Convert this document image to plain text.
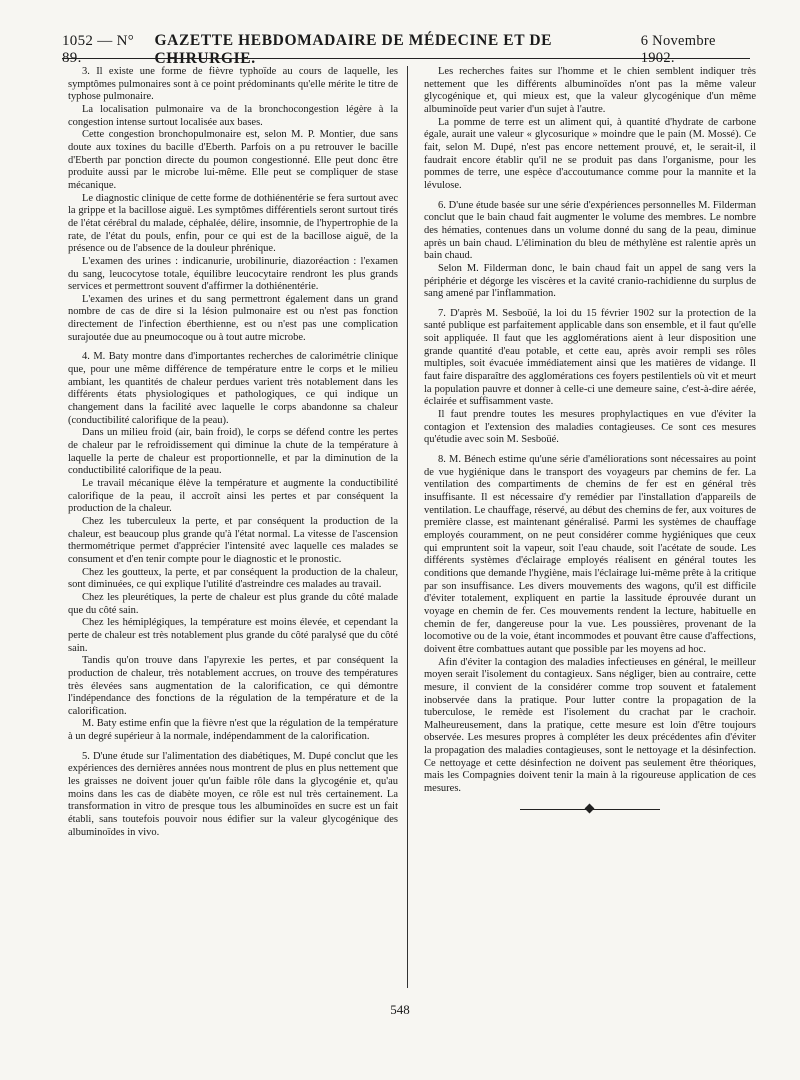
1052 — N° 89.
GAZETTE HEBDOMADAIRE DE MÉDECINE ET DE CHIRURGIE.
6 Novembre 1902.

3. Il existe une forme de fièvre typhoïde au cours de laquelle, les symptômes pulmonaires sont à ce point prédominants qu'elle mérite le titre de typhose pulmonaire.

La localisation pulmonaire va de la bronchocongestion légère à la congestion intense surtout localisée aux bases.

Cette congestion bronchopulmonaire est, selon M. P. Montier, due sans doute aux toxines du bacille d'Eberth. Parfois on a pu retrouver le bacille d'Eberth par ponction directe du poumon congestionné. Elle peut donc être produite aussi par le microbe lui-même. Elle peut se compliquer de stase mécanique.

Le diagnostic clinique de cette forme de dothiénentérie se fera surtout avec la grippe et la bacillose aiguë. Les symptômes différentiels seront surtout tirés de l'état cérébral du malade, céphalée, délire, insomnie, de l'hypertrophie de la rate, de l'état du pouls, enfin, pour ce qui est de la bacillose aiguë, de la présence ou de l'absence de la douleur phrénique.

L'examen des urines : indicanurie, urobilinurie, diazoréaction : l'examen du sang, leucocytose totale, équilibre leucocytaire rendront les plus grands services et permettront souvent d'affirmer la dothiénentérie.

L'examen des urines et du sang permettront également dans un grand nombre de cas de dire si la lésion pulmonaire est ou n'est pas fonction directement de l'infection éberthienne, est ou n'est pas une complication surajoutée due au pneumocoque ou à tout autre microbe.

4. M. Baty montre dans d'importantes recherches de calorimétrie clinique que, pour une même différence de température entre le corps et le milieu ambiant, les quantités de chaleur perdues varient très notablement dans les différents états physiologiques et pathologiques, ce qui indique un changement dans la facilité avec laquelle le corps abandonne sa chaleur (conductibilité calorifique de la peau).

Dans un milieu froid (air, bain froid), le corps se défend contre les pertes de chaleur par le refroidissement qui diminue la chute de la température à laquelle la perte de chaleur est proportionnelle, et par la diminution de la conductibilité calorifique de la peau.

Le travail mécanique élève la température et augmente la conductibilité calorifique de la peau, il accroît ainsi les pertes et par conséquent la production de la chaleur.

Chez les tuberculeux la perte, et par conséquent la production de la chaleur, est beaucoup plus grande qu'à l'état normal. La vitesse de l'ascension thermométrique permet d'apprécier l'intensité avec laquelle ces malades se consument et d'en tenir compte pour le diagnostic et le pronostic.

Chez les goutteux, la perte, et par conséquent la production de la chaleur, sont diminuées, ce qui explique l'utilité d'astreindre ces malades au travail.

Chez les pleurétiques, la perte de chaleur est plus grande du côté malade que du côté sain.

Chez les hémiplégiques, la température est moins élevée, et cependant la perte de chaleur est très notablement plus grande du côté paralysé que du côté sain.

Tandis qu'on trouve dans l'apyrexie les pertes, et par conséquent la production de chaleur, très notablement accrues, on trouve des températures très élevées sans augmentation de la calorification, ce qui démontre l'indépendance des fonctions de la régulation de la température et de la calorification.

M. Baty estime enfin que la fièvre n'est que la régulation de la température à un degré supérieur à la normale, indépendamment de la calorification.

5. D'une étude sur l'alimentation des diabétiques, M. Dupé conclut que les expériences des dernières années nous montrent de plus en plus nettement que les graisses ne doivent jouer qu'un faible rôle dans la glycogénie et, qu'au moins dans les cas de diabète moyen, ce rôle est nul très certainement. La transformation in vitro de presque tous les albuminoïdes en sucre est un fait établi, sans toutefois pouvoir nous édifier sur la valeur glycogénique des albuminoïdes in vivo.

Les recherches faites sur l'homme et le chien semblent indiquer très nettement que les différents albuminoïdes n'ont pas la même valeur glycogénique et, qui mieux est, que la valeur glycogénique d'un même albuminoïde peut varier d'un sujet à l'autre.

La pomme de terre est un aliment qui, à quantité d'hydrate de carbone égale, aurait une valeur « glycosurique » moindre que le pain (M. Mossé). Ce fait, selon M. Dupé, n'est pas encore nettement prouvé, et, le serait-il, il faudrait encore établir qu'il ne se produit pas dans l'organisme, pour les pommes de terre, une espèce d'accoutumance comme pour la mannite et la lévulose.

6. D'une étude basée sur une série d'expériences personnelles M. Filderman conclut que le bain chaud fait augmenter le volume des membres. Le nombre des hématies, contenues dans un volume donné du sang de la peau, diminue après un bain chaud. L'élimination du bleu de méthylène est ralentie après un bain chaud.

Selon M. Filderman donc, le bain chaud fait un appel de sang vers la périphérie et dégorge les viscères et la cavité cranio-rachidienne du surplus de sang amené par l'inflammation.

7. D'après M. Sesboüé, la loi du 15 février 1902 sur la protection de la santé publique est parfaitement applicable dans son ensemble, et il faut qu'elle soit appliquée. Il faut que les agglomérations aient à leur disposition une grande quantité d'eau potable, et cette eau, après avoir rempli ses rôles multiples, soit évacuée immédiatement ainsi que les matières de vidange. Il faut faire disparaître des agglomérations ces foyers pestilentiels où vit et meurt la population pauvre et donner à celle-ci une demeure saine, c'est-à-dire aérée, éclairée et suffisamment vaste.

Il faut prendre toutes les mesures prophylactiques en vue d'éviter la contagion et l'extension des maladies contagieuses. Ce sont ces mesures qu'étudie avec soin M. Sesboüé.

8. M. Bénech estime qu'une série d'améliorations sont nécessaires au point de vue hygiénique dans le transport des voyageurs par chemins de fer. La ventilation des compartiments de chemins de fer est en général très insuffisante. Il est nécessaire d'y remédier par l'installation d'appareils de ventilation. Le chauffage, réservé, au début des chemins de fer, aux voitures de première classe, est maintenant généralisé. Parmi les systèmes de chauffage employés couramment, on ne peut considérer comme hygiéniques que ceux qui empruntent soit la vapeur, soit l'eau chaude, soit l'acétate de soude. Les différents systèmes d'éclairage employés réalisent en général toutes les conditions que demande l'hygiène, mais l'éclairage lui-même prête à la critique par son insuffisance. Les divers mouvements des wagons, qu'il est difficile d'éviter totalement, expliquent en partie la lassitude éprouvée durant un voyage en chemin de fer. Ces mouvements rendent la lecture, habituelle en chemin de fer, dangereuse pour la vue. Les poussières, provenant de la locomotive ou de la voie, étant incommodes et pouvant être cause d'affections, doivent être combattues autant que possible par les moyens ad hoc.

Afin d'éviter la contagion des maladies infectieuses en général, le meilleur moyen serait l'isolement du contagieux. Sans négliger, bien au contraire, cette mesure, il convient de la considérer comme trop souvent et fatalement inobservée dans la pratique. Pour lutter contre la propagation de la tuberculose, le remède est l'isolement du crachat par le crachoir. Malheureusement, dans la pratique, cette mesure est loin d'être toujours observée. Les mesures propres à compléter les deux précédentes afin d'éviter la propagation des maladies contagieuses, sont le nettoyage et la désinfection. Ce nettoyage et cette désinfection ne doivent pas seulement être théoriques, mais les Compagnies doivent tenir la main à la rigoureuse application de ces mesures.

548
